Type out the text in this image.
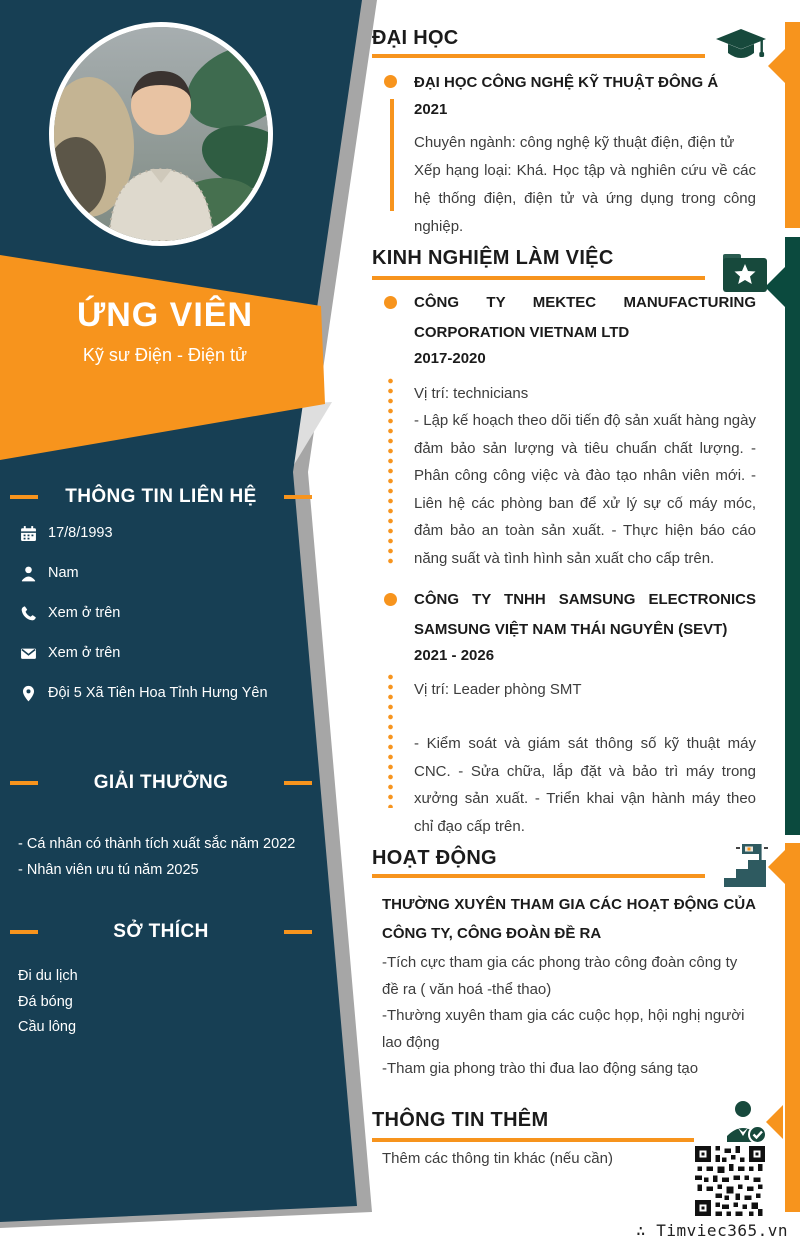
ỨNG VIÊN
Kỹ sư Điện - Điện tử
THÔNG TIN LIÊN HỆ
17/8/1993
Nam
Xem ở trên
Xem ở trên
Đội 5 Xã Tiên Hoa Tỉnh Hưng Yên
GIẢI THƯỞNG
- Cá nhân có thành tích xuất sắc năm 2022
- Nhân viên ưu tú năm 2025
SỞ THÍCH
Đi du lịch
Đá bóng
Cầu lông
ĐẠI HỌC
ĐẠI HỌC CÔNG NGHỆ KỸ THUẬT ĐÔNG Á
2021
Chuyên ngành: công nghệ kỹ thuật điện, điện tử
Xếp hạng loại: Khá. Học tập và nghiên cứu về các hệ thống điện, điện tử và ứng dụng trong công nghiệp.
KINH NGHIỆM LÀM VIỆC
CÔNG TY MEKTEC MANUFACTURING CORPORATION VIETNAM LTD
2017-2020
Vị trí: technicians
- Lập kế hoạch theo dõi tiến độ sản xuất hàng ngày đảm bảo sản lượng và tiêu chuẩn chất lượng. - Phân công công việc và đào tạo nhân viên mới. - Liên hệ các phòng ban để xử lý sự cố máy móc, đảm bảo an toàn sản xuất. - Thực hiện báo cáo năng suất và tình hình sản xuất cho cấp trên.
CÔNG TY TNHH SAMSUNG ELECTRONICS SAMSUNG VIỆT NAM THÁI NGUYÊN (SEVT)
2021 - 2026
Vị trí: Leader phòng SMT
- Kiểm soát và giám sát thông số kỹ thuật máy CNC. - Sửa chữa, lắp đặt và bảo trì máy trong xưởng sản xuất. - Triển khai vận hành máy theo chỉ đạo cấp trên.
HOẠT ĐỘNG
THƯỜNG XUYÊN THAM GIA CÁC HOẠT ĐỘNG CỦA CÔNG TY, CÔNG ĐOÀN ĐỀ RA
-Tích cực tham gia các phong trào công đoàn công ty đề ra ( văn hoá -thể thao)
-Thường xuyên tham gia các cuộc họp, hội nghị người lao động
-Tham gia phong trào thi đua lao động sáng tạo
THÔNG TIN THÊM
Thêm các thông tin khác (nếu cần)
∴ Timviec365.vn
